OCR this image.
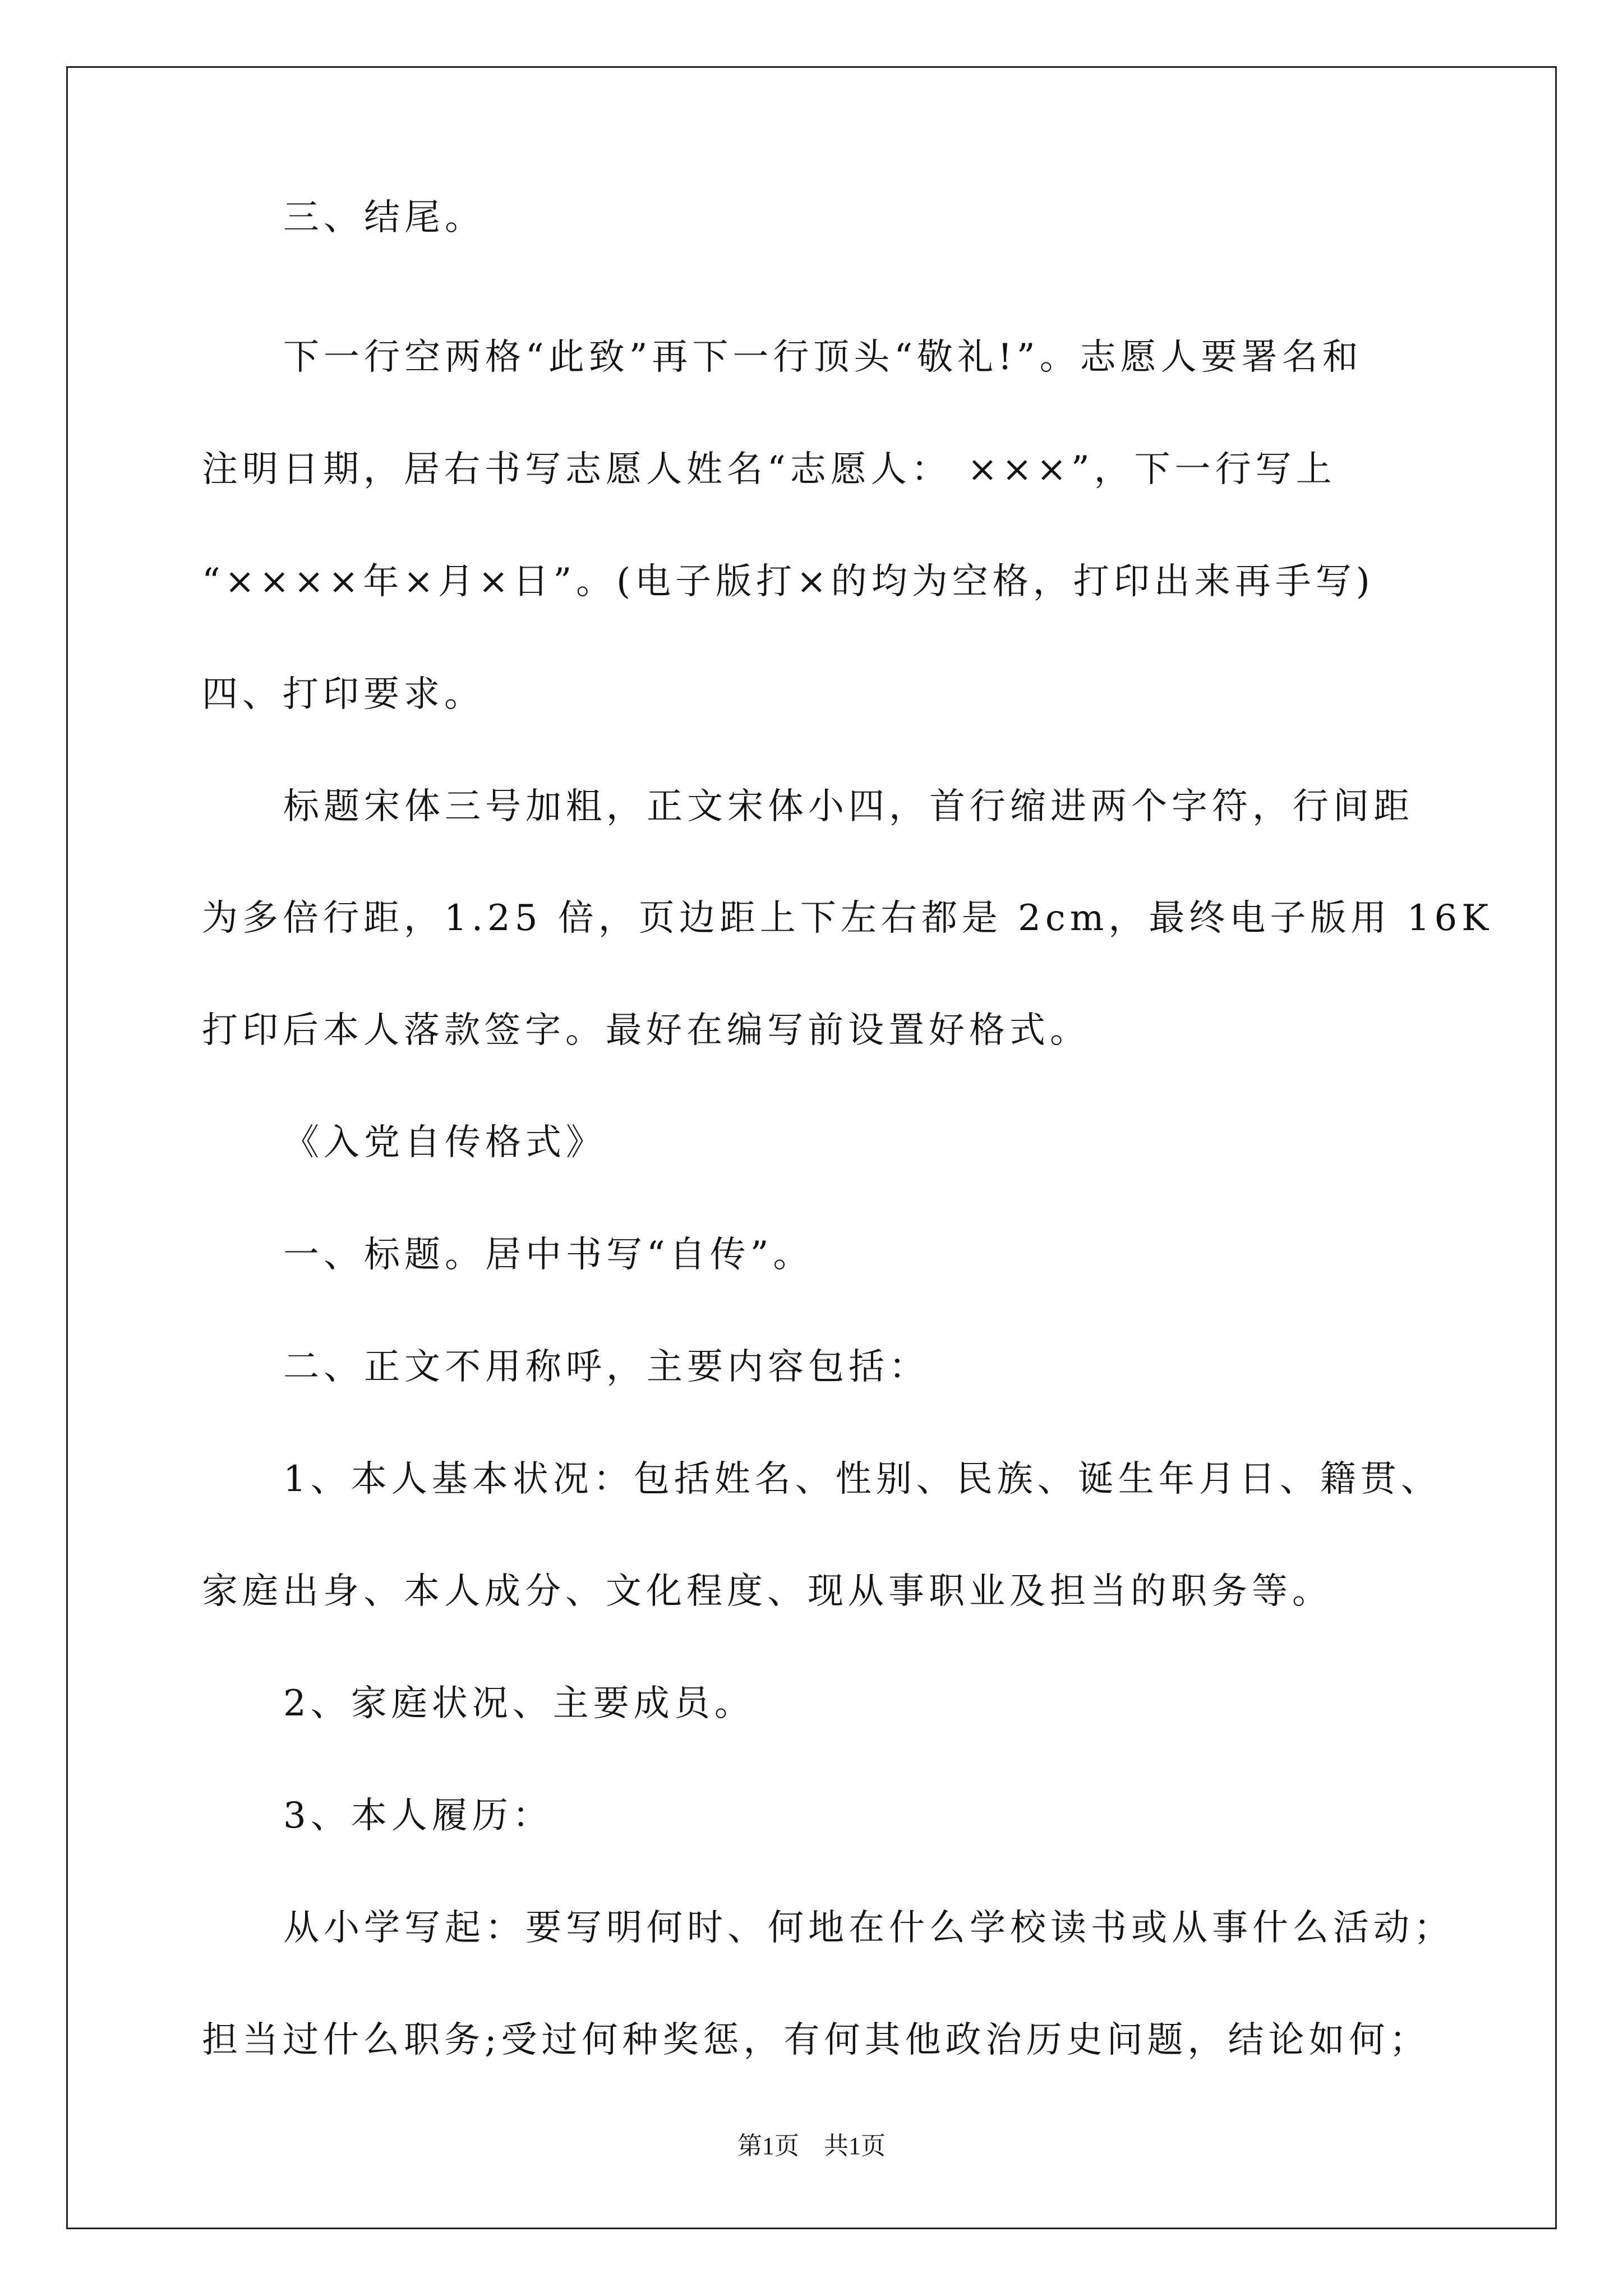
三、结尾。
下一行空两格“此致”再下一行顶头“敬礼!”。志愿人要署名和
注明日期，居右书写志愿人姓名“志愿人： ×××”，下一行写上
“××××年×月×日”。(电子版打×的均为空格，打印出来再手写)
四、打印要求。
标题宋体三号加粗，正文宋体小四，首行缩进两个字符，行间距
为多倍行距，1.25 倍，页边距上下左右都是 2cm，最终电子版用 16K
打印后本人落款签字。最好在编写前设置好格式。
《入党自传格式》
一、标题。居中书写“自传”。
二、正文不用称呼，主要内容包括：
1、本人基本状况：包括姓名、性别、民族、诞生年月日、籍贯、
家庭出身、本人成分、文化程度、现从事职业及担当的职务等。
2、家庭状况、主要成员。
3、本人履历：
从小学写起：要写明何时、何地在什么学校读书或从事什么活动；
担当过什么职务;受过何种奖惩，有何其他政治历史问题，结论如何；
第1页　共1页
